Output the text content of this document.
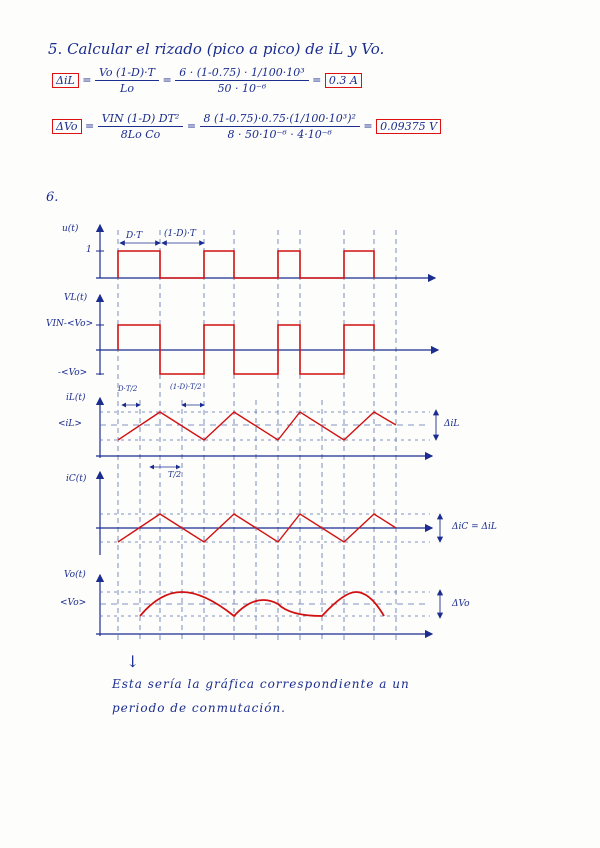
5. Calcular el rizado (pico a pico) de iL y Vo.
$\Delta iL = \frac{Vo (1-D)\cdot T}{Lo} = \frac{\text{6 · (1-0.75) · 1/100·10³}}{\text{50 · 10⁻⁶}} = 0.3$ A
$\Delta Vo = \frac{\text{VIN (1-D) DT²}}{\text{8Lo Co}} = \frac{\text{8 (1-0.75)·0.75·(1/100·10³)²}}{\text{8 · 50·10⁻⁶ · 4·10⁻⁶}} = 0.09375$ V
6.
u(t)
1
D·T (1-D)·T
VL(t)
VIN-<Vo>
-<Vo>
iL(t)
<iL>
D·T/2	(1-D)·T/2
ΔiL
T/2
iC(t)
ΔiC = ΔiL
Vo(t)
<Vo>	ΔVo
↓
Esta sería la gráfica correspondiente a un
periodo de conmutación.
